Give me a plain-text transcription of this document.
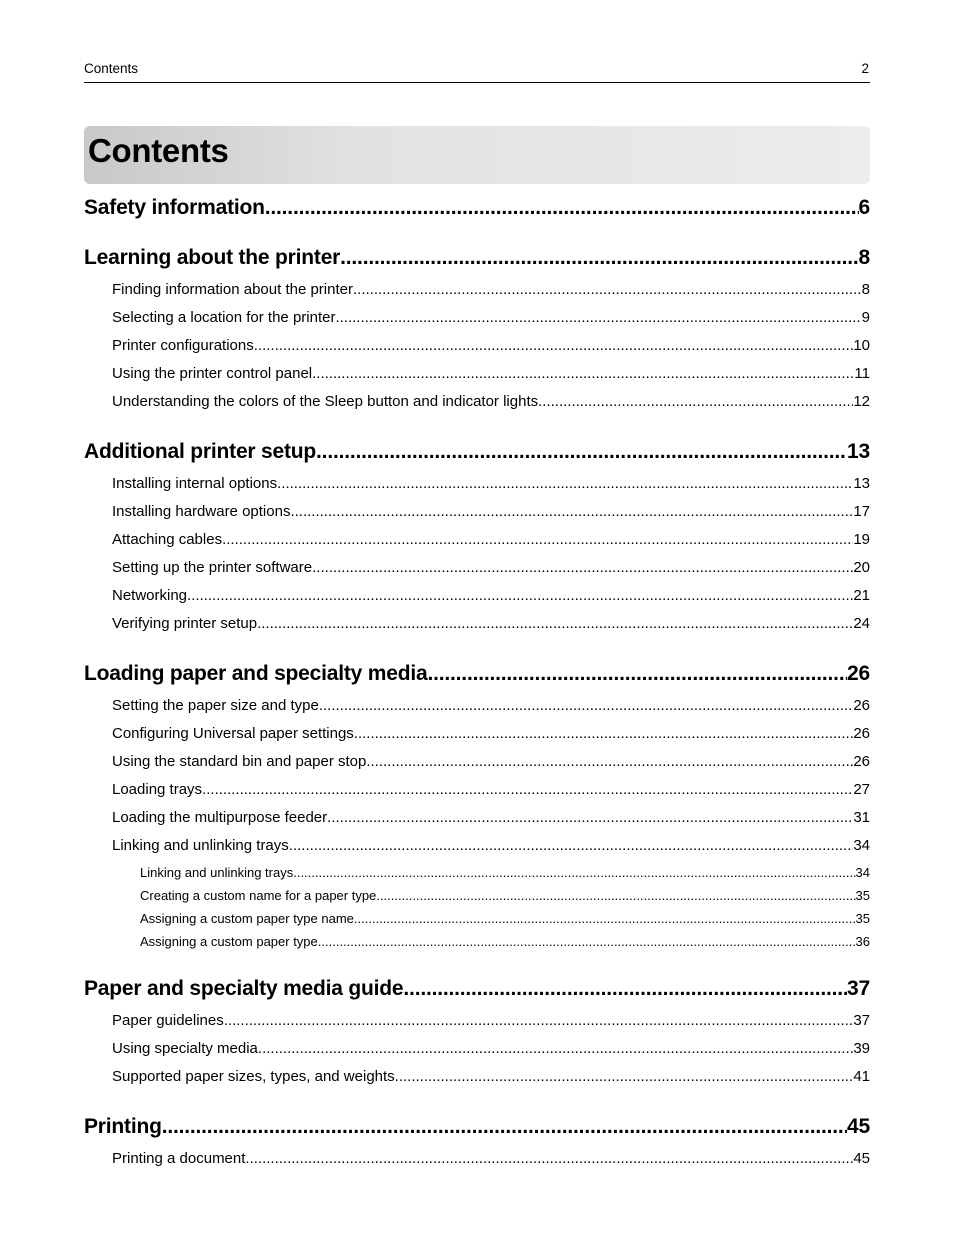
Contents	2
Contents
Safety information .....	6
Learning about the printer .....	8
Finding information about the printer .....	8
Selecting a location for the printer .....	9
Printer configurations .....	10
Using the printer control panel .....	11
Understanding the colors of the Sleep button and indicator lights .....	12
Additional printer setup .....	13
Installing internal options .....	13
Installing hardware options .....	17
Attaching cables .....	19
Setting up the printer software .....	20
Networking .....	21
Verifying printer setup .....	24
Loading paper and specialty media .....	26
Setting the paper size and type .....	26
Configuring Universal paper settings .....	26
Using the standard bin and paper stop .....	26
Loading trays .....	27
Loading the multipurpose feeder .....	31
Linking and unlinking trays .....	34
Linking and unlinking trays .....	34
Creating a custom name for a paper type .....	35
Assigning a custom paper type name .....	35
Assigning a custom paper type .....	36
Paper and specialty media guide .....	37
Paper guidelines .....	37
Using specialty media .....	39
Supported paper sizes, types, and weights .....	41
Printing .....	45
Printing a document .....	45
